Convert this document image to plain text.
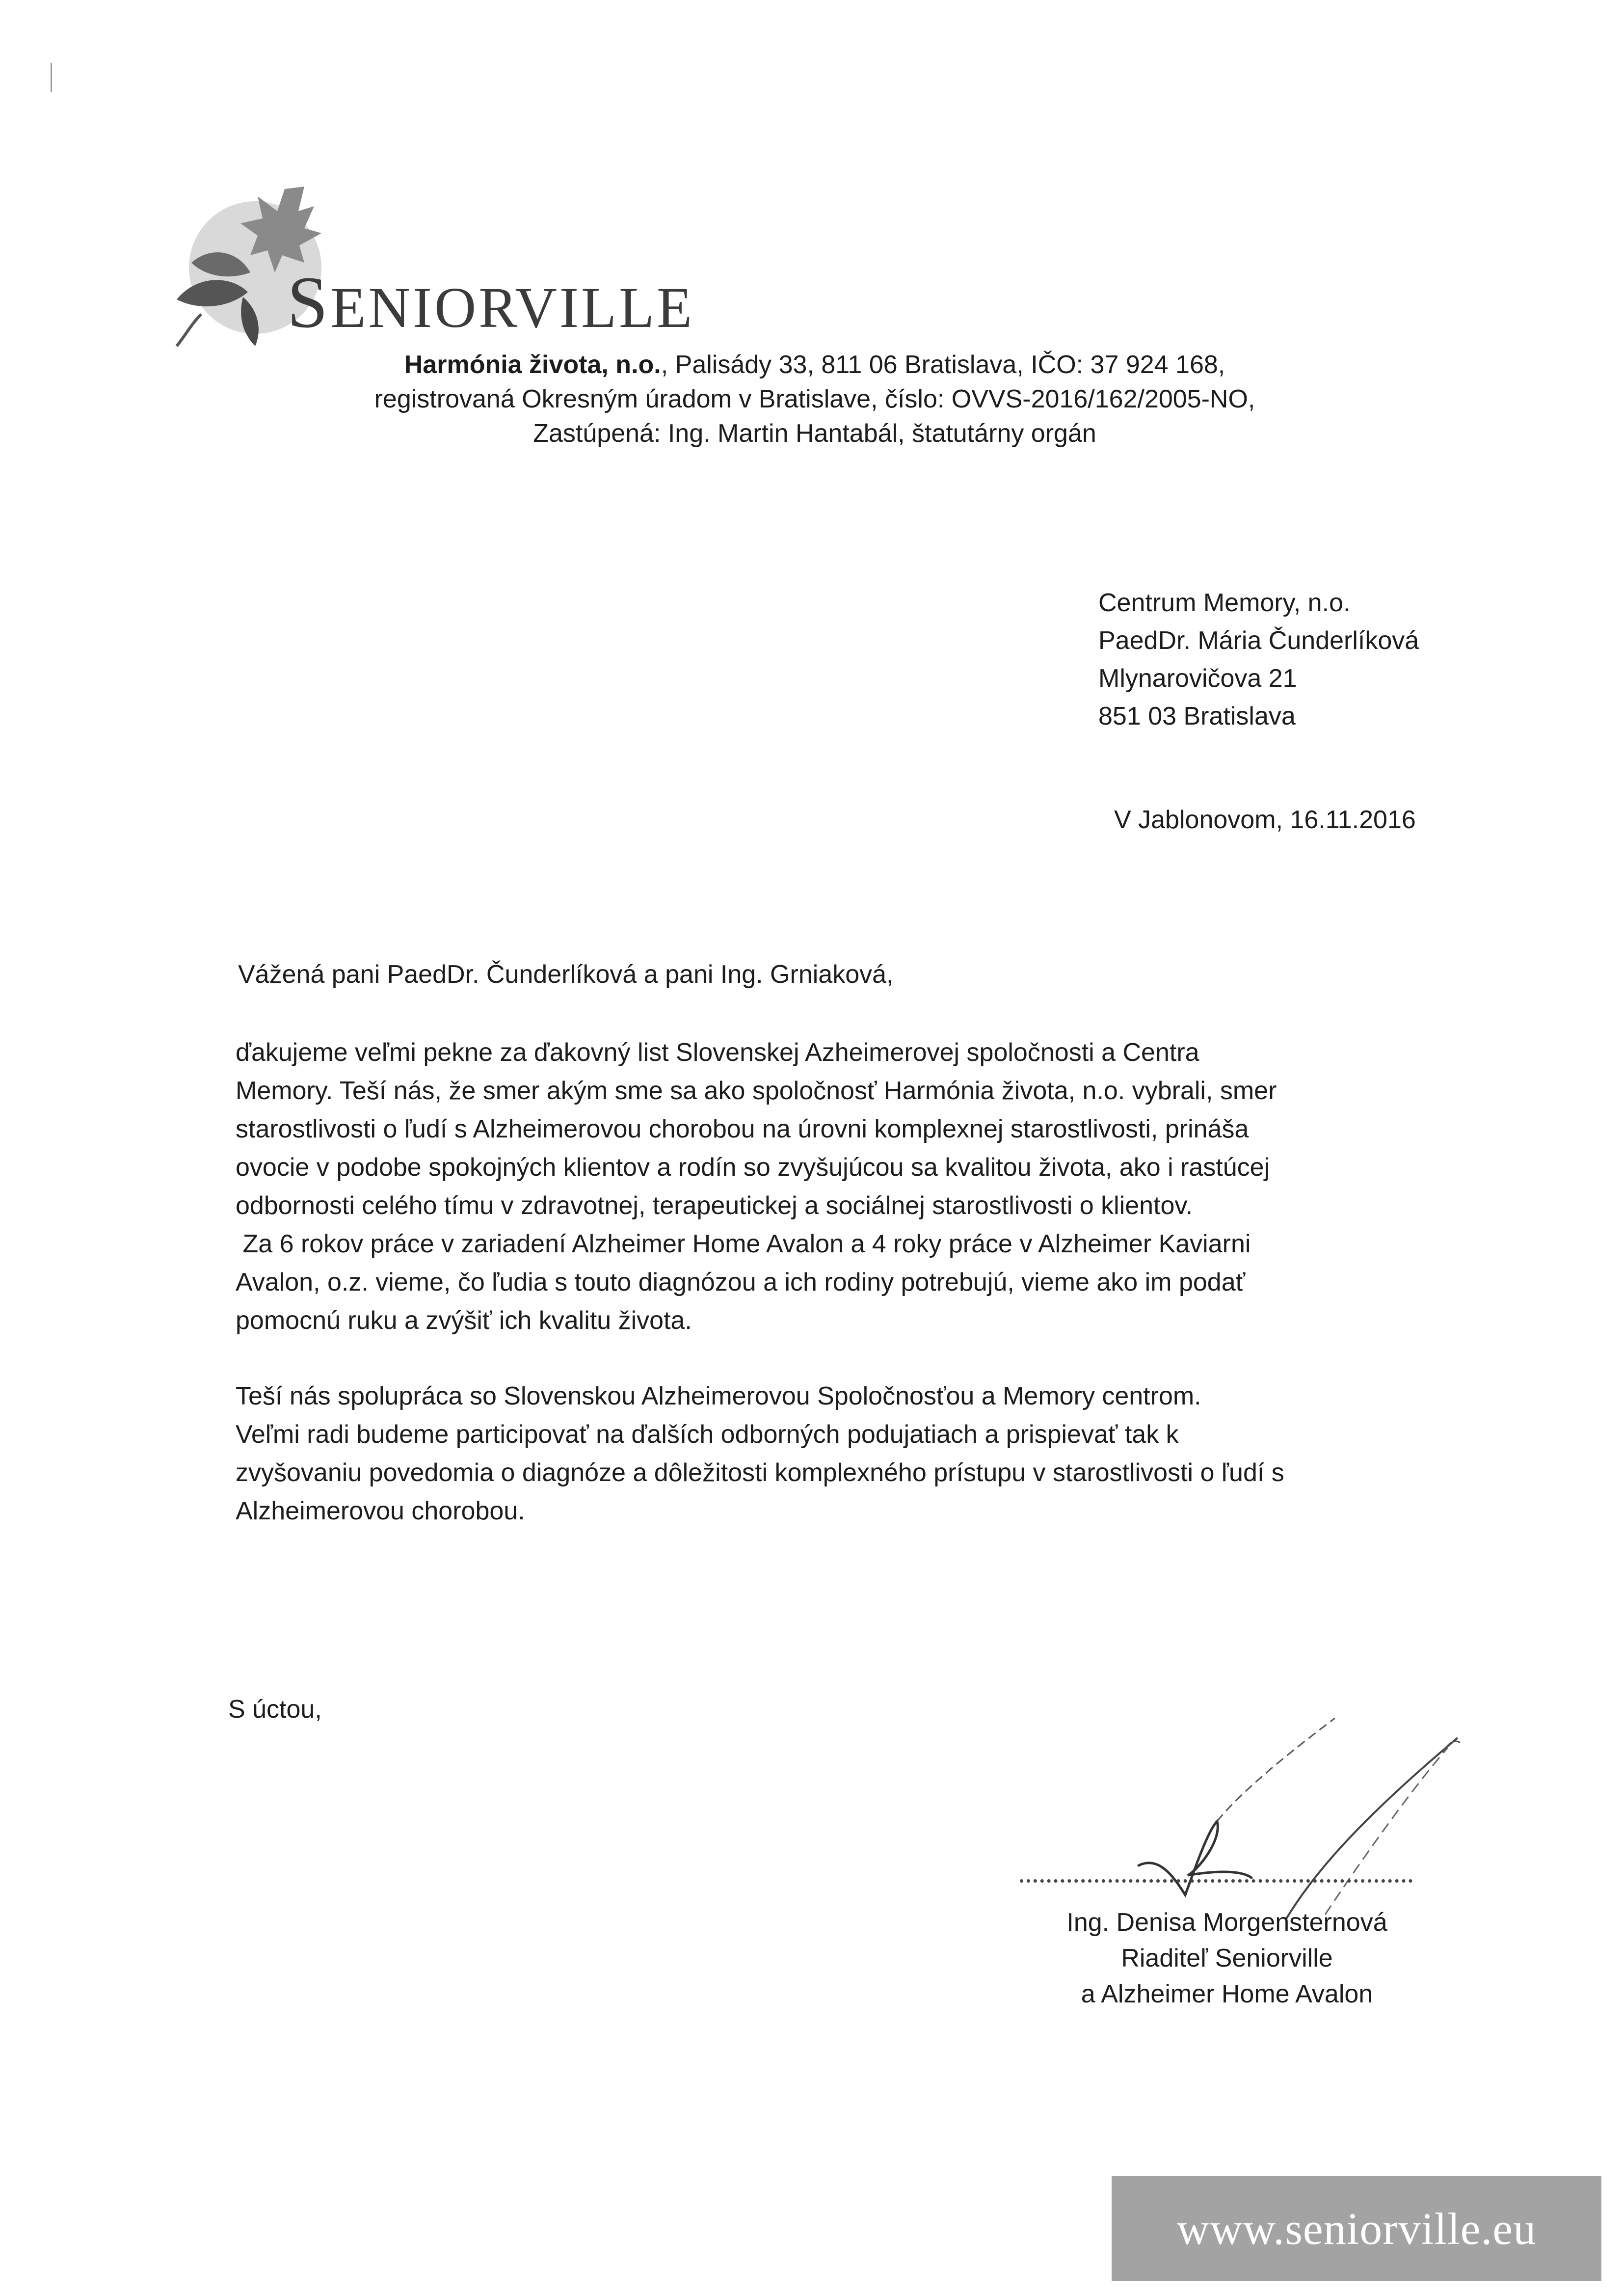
SENIORVILLE
Harmónia života, n.o., Palisády 33, 811 06 Bratislava, IČO: 37 924 168,
registrovaná Okresným úradom v Bratislave, číslo: OVVS-2016/162/2005-NO,
Zastúpená: Ing. Martin Hantabál, štatutárny orgán
Centrum Memory, n.o.
PaedDr. Mária Čunderlíková
Mlynarovičova 21
851 03 Bratislava
V Jablonovom, 16.11.2016
Vážená pani PaedDr. Čunderlíková a pani Ing. Grniaková,
ďakujeme veľmi pekne za ďakovný list Slovenskej Azheimerovej spoločnosti a Centra
Memory. Teší nás, že smer akým sme sa ako spoločnosť Harmónia života, n.o. vybrali, smer
starostlivosti o ľudí s Alzheimerovou chorobou na úrovni komplexnej starostlivosti, prináša
ovocie v podobe spokojných klientov a rodín so zvyšujúcou sa kvalitou života, ako i rastúcej
odbornosti celého tímu v zdravotnej, terapeutickej a sociálnej starostlivosti o klientov.
Za 6 rokov práce v zariadení Alzheimer Home Avalon a 4 roky práce v Alzheimer Kaviarni
Avalon, o.z. vieme, čo ľudia s touto diagnózou a ich rodiny potrebujú, vieme ako im podať
pomocnú ruku a zvýšiť ich kvalitu života.
Teší nás spolupráca so Slovenskou Alzheimerovou Spoločnosťou a Memory centrom.
Veľmi radi budeme participovať na ďalších odborných podujatiach a prispievať tak k
zvyšovaniu povedomia o diagnóze a dôležitosti komplexného prístupu v starostlivosti o ľudí s
Alzheimerovou chorobou.
S úctou,
Ing. Denisa Morgensternová
Riaditeľ Seniorville
a Alzheimer Home Avalon
www.seniorville.eu
